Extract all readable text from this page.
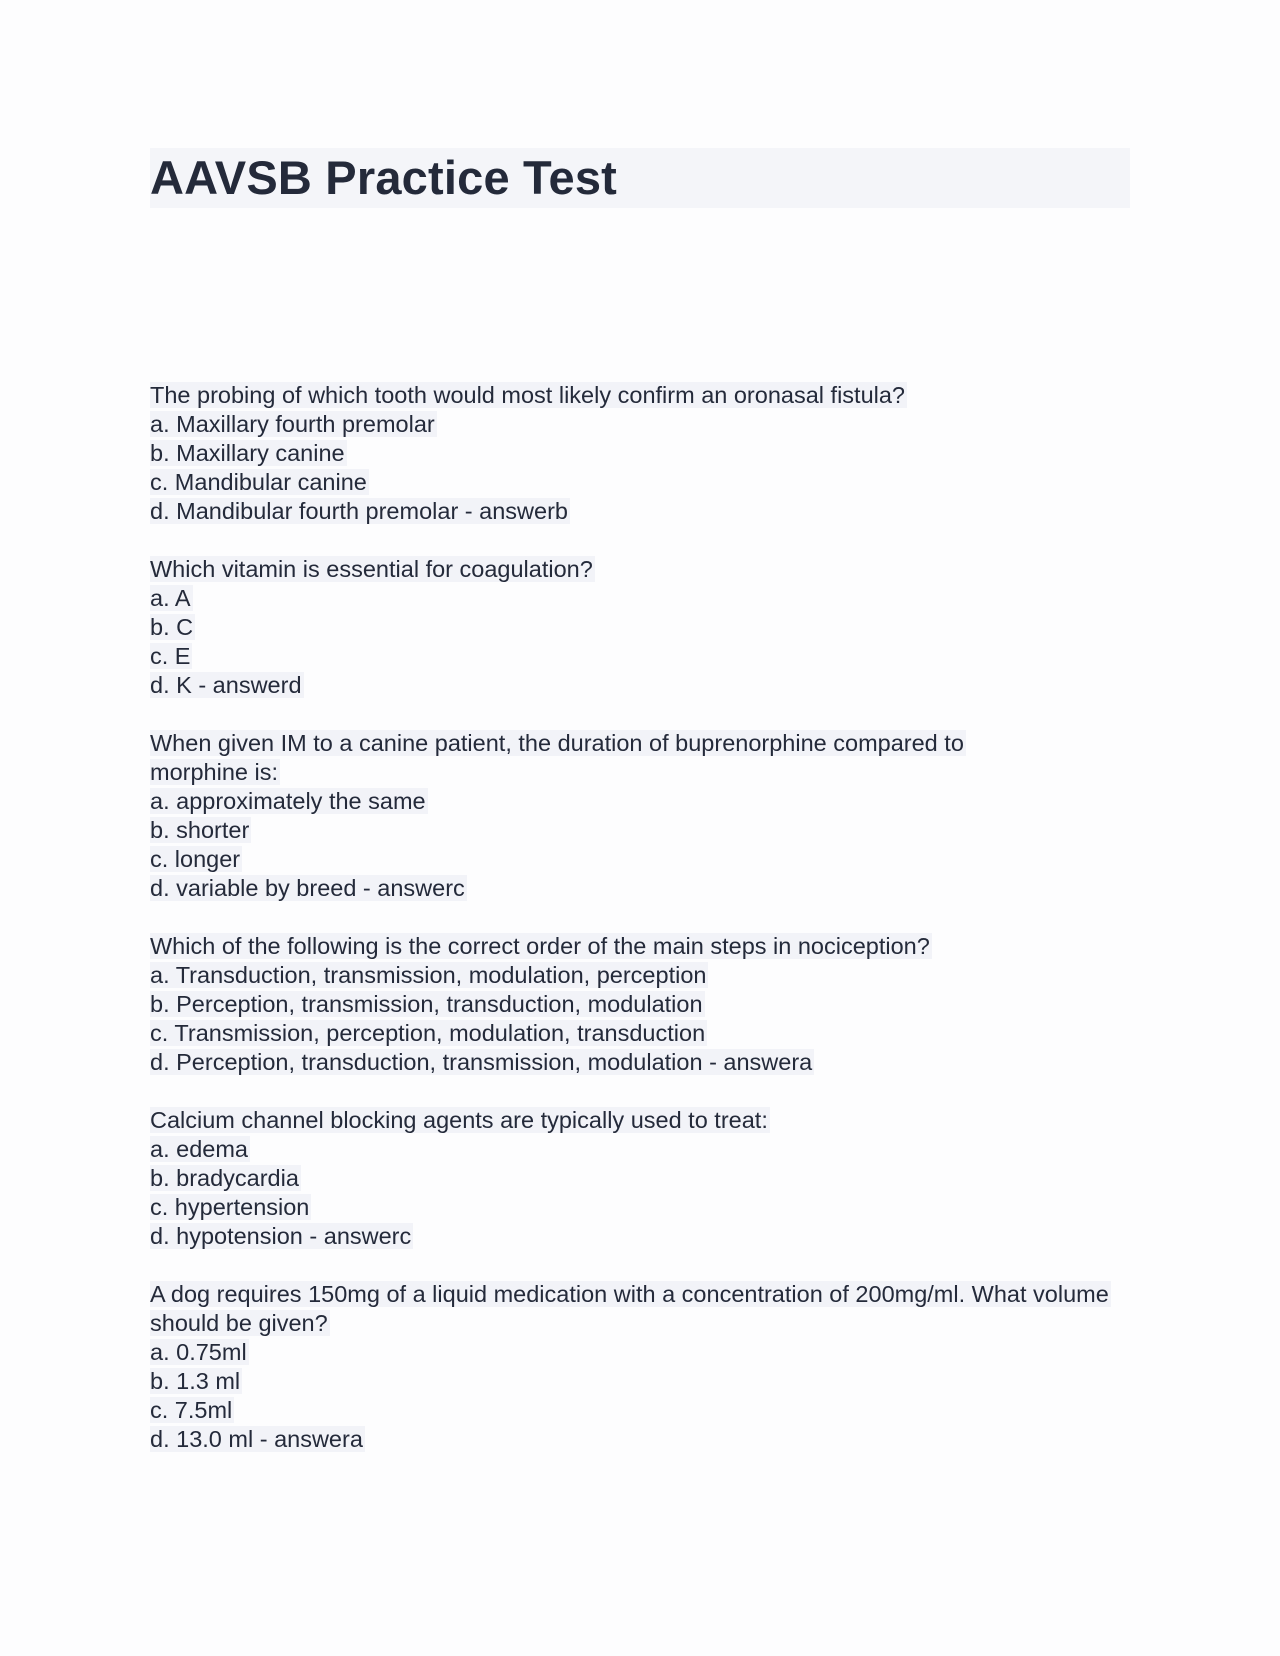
AAVSB Practice Test
The probing of which tooth would most likely confirm an oronasal fistula?
a. Maxillary fourth premolar
b. Maxillary canine
c. Mandibular canine
d. Mandibular fourth premolar - answerb
Which vitamin is essential for coagulation?
a. A
b. C
c. E
d. K - answerd
When given IM to a canine patient, the duration of buprenorphine compared to morphine is:
a. approximately the same
b. shorter
c. longer
d. variable by breed - answerc
Which of the following is the correct order of the main steps in nociception?
a. Transduction, transmission, modulation, perception
b. Perception, transmission, transduction, modulation
c. Transmission, perception, modulation, transduction
d. Perception, transduction, transmission, modulation - answera
Calcium channel blocking agents are typically used to treat:
a. edema
b. bradycardia
c. hypertension
d. hypotension - answerc
A dog requires 150mg of a liquid medication with a concentration of 200mg/ml. What volume should be given?
a. 0.75ml
b. 1.3 ml
c. 7.5ml
d. 13.0 ml - answera
